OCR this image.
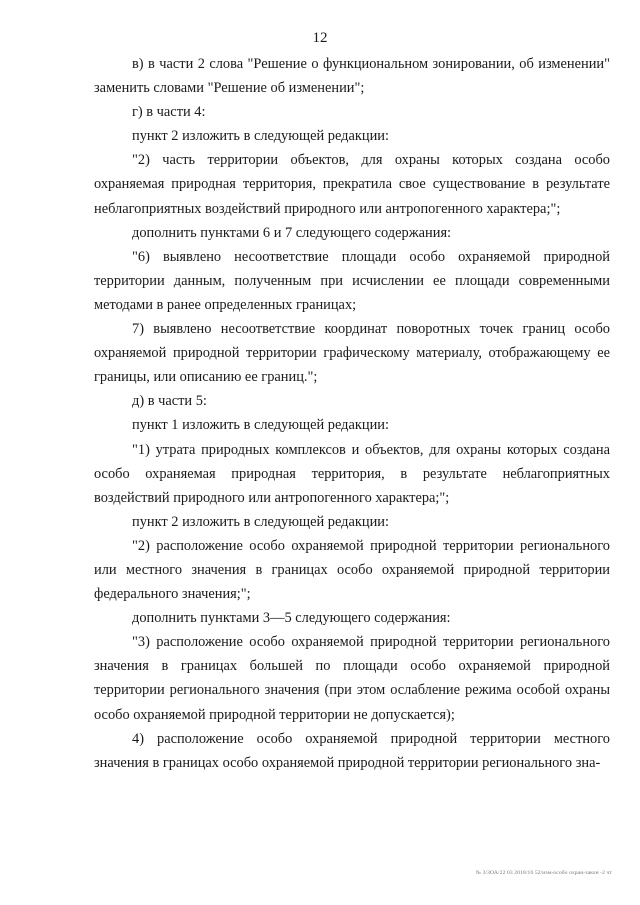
12

в) в части 2 слова "Решение о функциональном зонировании, об изменении" заменить словами "Решение об изменении";

г) в части 4:

пункт 2 изложить в следующей редакции:

"2) часть территории объектов, для охраны которых создана особо охраняемая природная территория, прекратила свое существование в результате неблагоприятных воздействий природного или антропогенного характера;";

дополнить пунктами 6 и 7 следующего содержания:

"6) выявлено несоответствие площади особо охраняемой природной территории данным, полученным при исчислении ее площади современными методами в ранее определенных границах;

7) выявлено несоответствие координат поворотных точек границ особо охраняемой природной территории графическому материалу, отображающему ее границы, или описанию ее границ.";

д) в части 5:

пункт 1 изложить в следующей редакции:

"1) утрата природных комплексов и объектов, для охраны которых создана особо охраняемая природная территория, в результате неблагоприятных воздействий природного или антропогенного характера;";

пункт 2 изложить в следующей редакции:

"2) расположение особо охраняемой природной территории регионального или местного значения в границах особо охраняемой природной территории федерального значения;";

дополнить пунктами 3—5 следующего содержания:

"3) расположение особо охраняемой природной территории регионального значения в границах большей по площади особо охраняемой природной территории регионального значения (при этом ослабление режима особой охраны особо охраняемой природной территории не допускается);

4) расположение особо охраняемой природной территории местного значения в границах особо охраняемой природной территории регионального зна-

№ 3/ЗОА/22 03 2018/10 52/изм-особо охран-закон -2 чт
